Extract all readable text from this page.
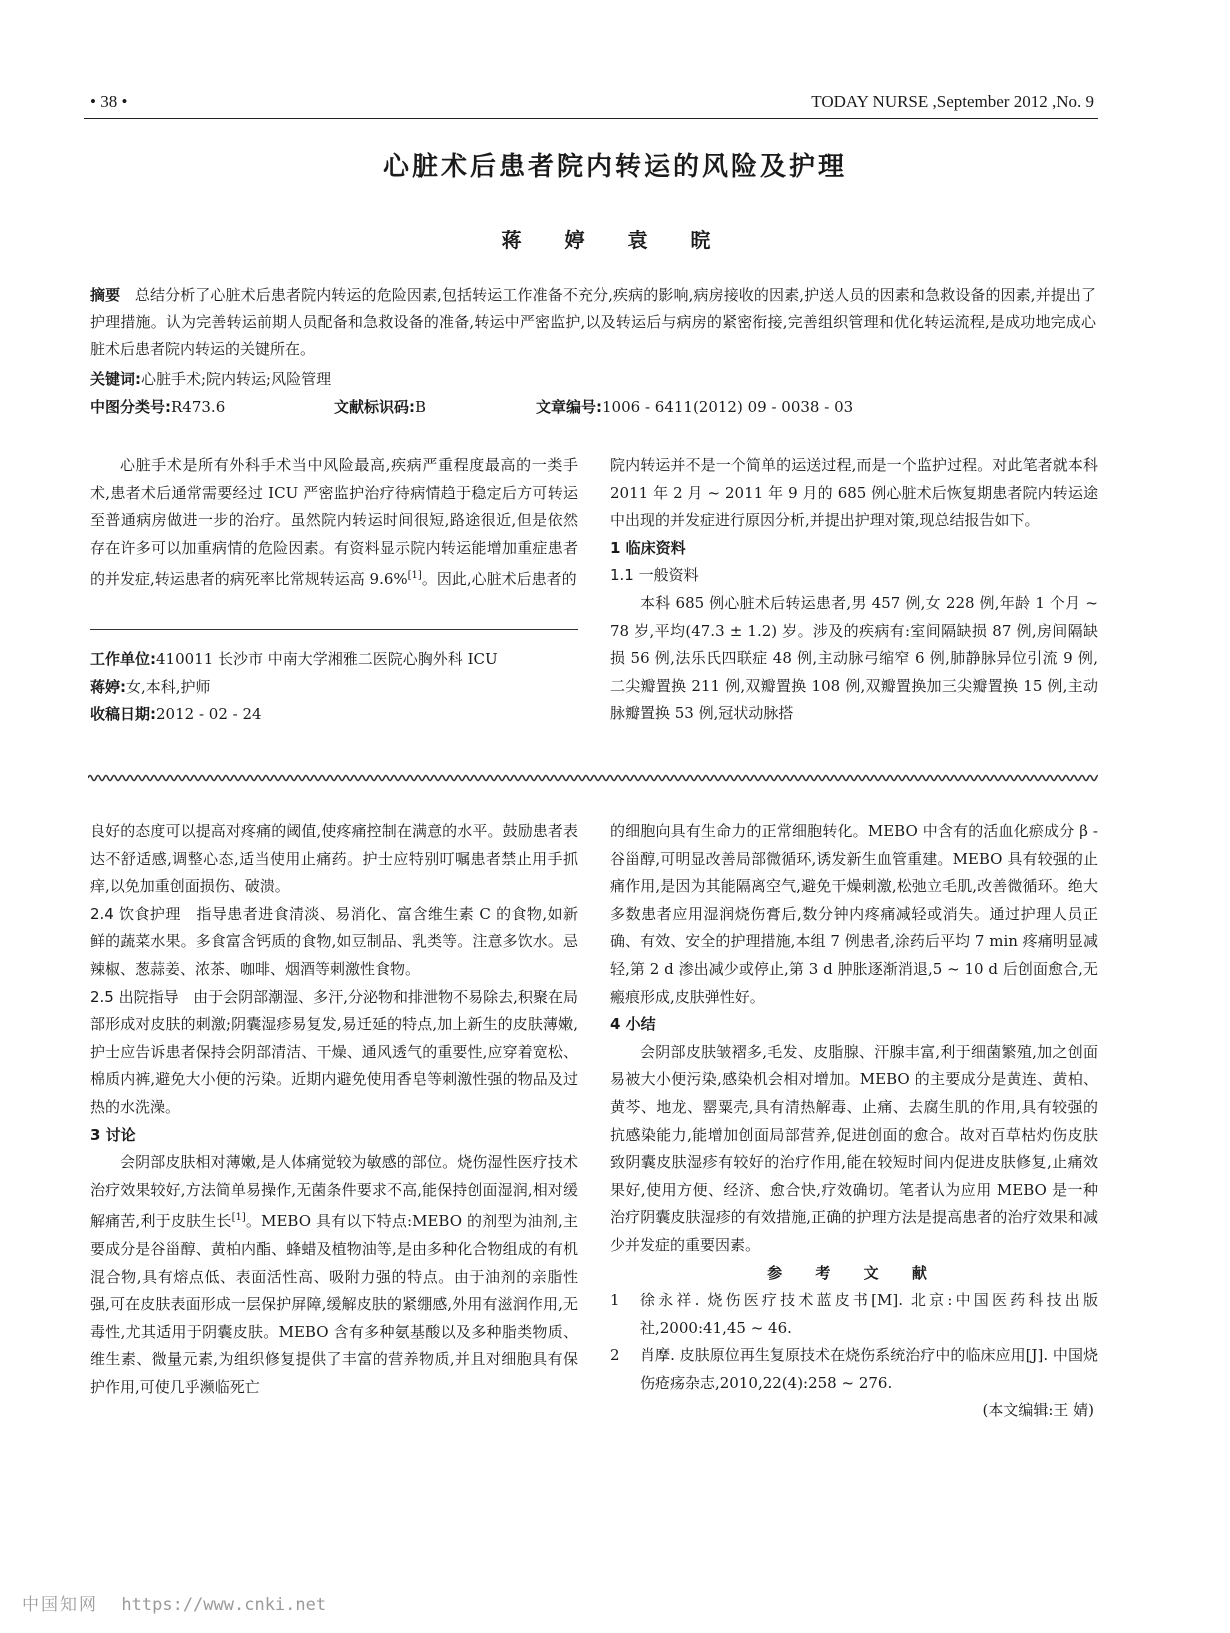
• 38 •	TODAY NURSE ,September 2012 ,No. 9
心脏术后患者院内转运的风险及护理
蒋 婷 袁 晥
摘要 总结分析了心脏术后患者院内转运的危险因素,包括转运工作准备不充分,疾病的影响,病房接收的因素,护送人员的因素和急救设备的因素,并提出了护理措施。认为完善转运前期人员配备和急救设备的准备,转运中严密监护,以及转运后与病房的紧密衔接,完善组织管理和优化转运流程,是成功地完成心脏术后患者院内转运的关键所在。
关键词:心脏手术;院内转运;风险管理
中图分类号:R473.6	文献标识码:B	文章编号:1006 - 6411(2012) 09 - 0038 - 03

心脏手术是所有外科手术当中风险最高,疾病严重程度最高的一类手术,患者术后通常需要经过 ICU 严密监护治疗待病情趋于稳定后方可转运至普通病房做进一步的治疗。虽然院内转运时间很短,路途很近,但是依然存在许多可以加重病情的危险因素。有资料显示院内转运能增加重症患者的并发症,转运患者的病死率比常规转运高 9.6%[1]。因此,心脏术后患者的

工作单位:410011 长沙市 中南大学湘雅二医院心胸外科 ICU

蒋婷:女,本科,护师

收稿日期:2012 - 02 - 24

院内转运并不是一个简单的运送过程,而是一个监护过程。对此笔者就本科 2011 年 2 月 ~ 2011 年 9 月的 685 例心脏术后恢复期患者院内转运途中出现的并发症进行原因分析,并提出护理对策,现总结报告如下。

1 临床资料

1.1 一般资料

本科 685 例心脏术后转运患者,男 457 例,女 228 例,年龄 1 个月 ~ 78 岁,平均(47.3 ± 1.2) 岁。涉及的疾病有:室间隔缺损 87 例,房间隔缺损 56 例,法乐氏四联症 48 例,主动脉弓缩窄 6 例,肺静脉异位引流 9 例,二尖瓣置换 211 例,双瓣置换 108 例,双瓣置换加三尖瓣置换 15 例,主动脉瓣置换 53 例,冠状动脉搭

良好的态度可以提高对疼痛的阈值,使疼痛控制在满意的水平。鼓励患者表达不舒适感,调整心态,适当使用止痛药。护士应特别叮嘱患者禁止用手抓痒,以免加重创面损伤、破溃。

2.4 饮食护理 指导患者进食清淡、易消化、富含维生素 C 的食物,如新鲜的蔬菜水果。多食富含钙质的食物,如豆制品、乳类等。注意多饮水。忌辣椒、葱蒜姜、浓茶、咖啡、烟酒等刺激性食物。

2.5 出院指导 由于会阴部潮湿、多汗,分泌物和排泄物不易除去,积聚在局部形成对皮肤的刺激;阴囊湿疹易复发,易迁延的特点,加上新生的皮肤薄嫩,护士应告诉患者保持会阴部清洁、干燥、通风透气的重要性,应穿着宽松、棉质内裤,避免大小便的污染。近期内避免使用香皂等刺激性强的物品及过热的水洗澡。

3 讨论

会阴部皮肤相对薄嫩,是人体痛觉较为敏感的部位。烧伤湿性医疗技术治疗效果较好,方法简单易操作,无菌条件要求不高,能保持创面湿润,相对缓解痛苦,利于皮肤生长[1]。MEBO 具有以下特点:MEBO 的剂型为油剂,主要成分是谷甾醇、黄柏内酯、蜂蜡及植物油等,是由多种化合物组成的有机混合物,具有熔点低、表面活性高、吸附力强的特点。由于油剂的亲脂性强,可在皮肤表面形成一层保护屏障,缓解皮肤的紧绷感,外用有滋润作用,无毒性,尤其适用于阴囊皮肤。MEBO 含有多种氨基酸以及多种脂类物质、维生素、微量元素,为组织修复提供了丰富的营养物质,并且对细胞具有保护作用,可使几乎濒临死亡

的细胞向具有生命力的正常细胞转化。MEBO 中含有的活血化瘀成分 β - 谷甾醇,可明显改善局部微循环,诱发新生血管重建。MEBO 具有较强的止痛作用,是因为其能隔离空气,避免干燥刺激,松弛立毛肌,改善微循环。绝大多数患者应用湿润烧伤膏后,数分钟内疼痛减轻或消失。通过护理人员正确、有效、安全的护理措施,本组 7 例患者,涂药后平均 7 min 疼痛明显减轻,第 2 d 渗出减少或停止,第 3 d 肿胀逐渐消退,5 ~ 10 d 后创面愈合,无瘢痕形成,皮肤弹性好。

4 小结

会阴部皮肤皱褶多,毛发、皮脂腺、汗腺丰富,利于细菌繁殖,加之创面易被大小便污染,感染机会相对增加。MEBO 的主要成分是黄连、黄柏、黄芩、地龙、罂粟壳,具有清热解毒、止痛、去腐生肌的作用,具有较强的抗感染能力,能增加创面局部营养,促进创面的愈合。故对百草枯灼伤皮肤致阴囊皮肤湿疹有较好的治疗作用,能在较短时间内促进皮肤修复,止痛效果好,使用方便、经济、愈合快,疗效确切。笔者认为应用 MEBO 是一种治疗阴囊皮肤湿疹的有效措施,正确的护理方法是提高患者的治疗效果和减少并发症的重要因素。

参 考 文 献

1	徐永祥. 烧伤医疗技术蓝皮书[M]. 北京:中国医药科技出版社,2000:41,45 ~ 46.
2	肖摩. 皮肤原位再生复原技术在烧伤系统治疗中的临床应用[J]. 中国烧伤疮疡杂志,2010,22(4):258 ~ 276.

(本文编辑:王 婧)

中国知网 https://www.cnki.net
